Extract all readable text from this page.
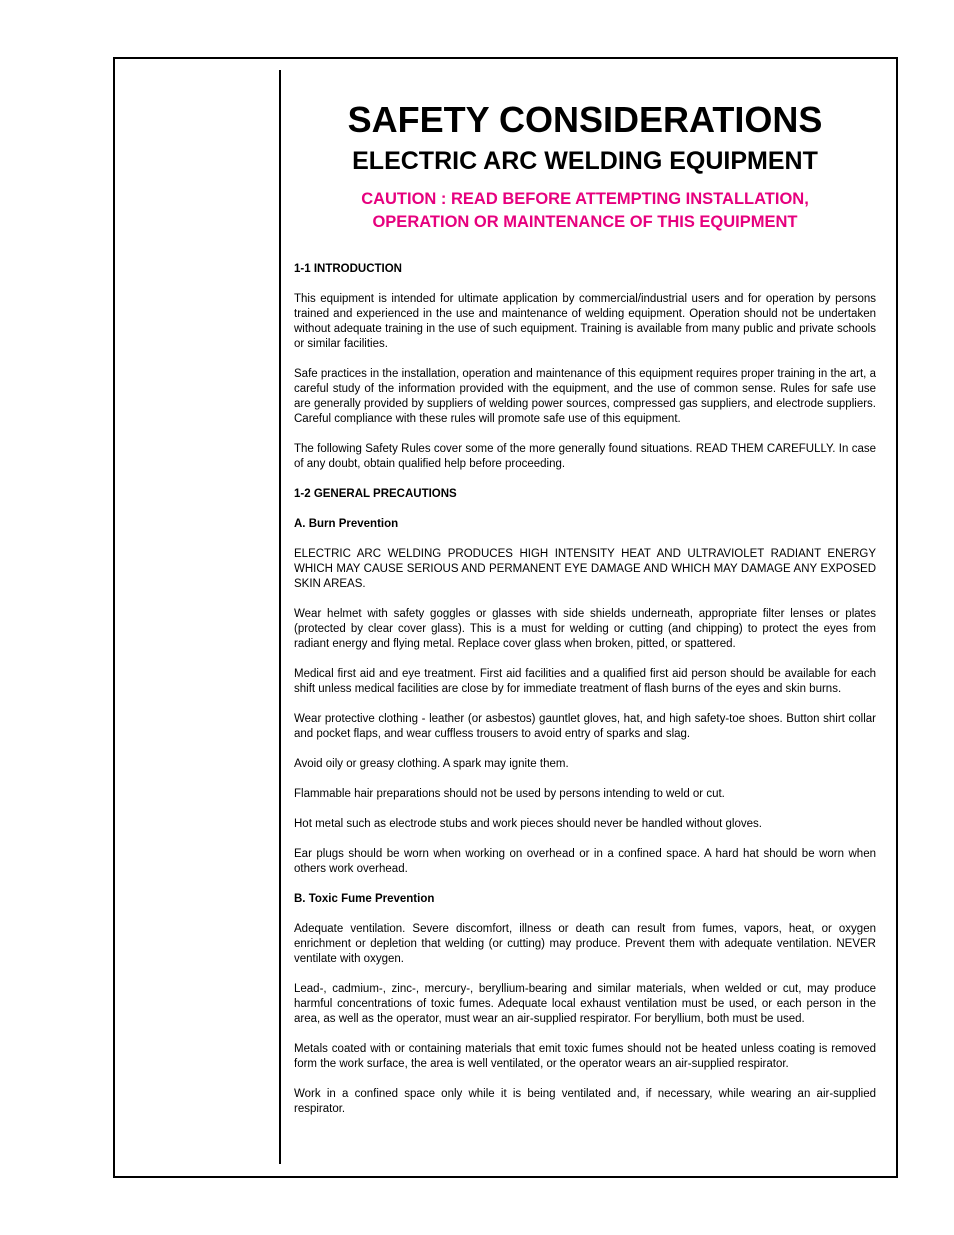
SAFETY CONSIDERATIONS
ELECTRIC ARC WELDING EQUIPMENT
CAUTION : READ BEFORE ATTEMPTING INSTALLATION,
OPERATION OR MAINTENANCE OF THIS EQUIPMENT
1-1 INTRODUCTION

This equipment is intended for ultimate application by commercial/industrial users and for operation by persons trained and experienced in the use and maintenance of welding equipment. Operation should not be undertaken without adequate training in the use of such equipment. Training is available from many public and private schools or similar facilities.

Safe practices in the installation, operation and maintenance of this equipment requires proper training in the art, a careful study of the information provided with the equipment, and the use of common sense. Rules for safe use are generally provided by suppliers of welding power sources, compressed gas suppliers, and electrode suppliers. Careful compliance with these rules will promote safe use of this equipment.

The following Safety Rules cover some of the more generally found situations. READ THEM CAREFULLY. In case of any doubt, obtain qualified help before proceeding.

1-2 GENERAL PRECAUTIONS
A. Burn Prevention

ELECTRIC ARC WELDING PRODUCES HIGH INTENSITY HEAT AND ULTRAVIOLET RADIANT ENERGY WHICH MAY CAUSE SERIOUS AND PERMANENT EYE DAMAGE AND WHICH MAY DAMAGE ANY EXPOSED SKIN AREAS.

Wear helmet with safety goggles or glasses with side shields underneath, appropriate filter lenses or plates (protected by clear cover glass). This is a must for welding or cutting (and chipping) to protect the eyes from radiant energy and flying metal. Replace cover glass when broken, pitted, or spattered.

Medical first aid and eye treatment. First aid facilities and a qualified first aid person should be available for each shift unless medical facilities are close by for immediate treatment of flash burns of the eyes and skin burns.

Wear protective clothing - leather (or asbestos) gauntlet gloves, hat, and high safety-toe shoes. Button shirt collar and pocket flaps, and wear cuffless trousers to avoid entry of sparks and slag.

Avoid oily or greasy clothing. A spark may ignite them.

Flammable hair preparations should not be used by persons intending to weld or cut.

Hot metal such as electrode stubs and work pieces should never be handled without gloves.

Ear plugs should be worn when working on overhead or in a confined space. A hard hat should be worn when others work overhead.

B. Toxic Fume Prevention

Adequate ventilation. Severe discomfort, illness or death can result from fumes, vapors, heat, or oxygen enrichment or depletion that welding (or cutting) may produce. Prevent them with adequate ventilation. NEVER ventilate with oxygen.

Lead-, cadmium-, zinc-, mercury-, beryllium-bearing and similar materials, when welded or cut, may produce harmful concentrations of toxic fumes. Adequate local exhaust ventilation must be used, or each person in the area, as well as the operator, must wear an air-supplied respirator. For beryllium, both must be used.

Metals coated with or containing materials that emit toxic fumes should not be heated unless coating is removed form the work surface, the area is well ventilated, or the operator wears an air-supplied respirator.

Work in a confined space only while it is being ventilated and, if necessary, while wearing an air-supplied respirator.
